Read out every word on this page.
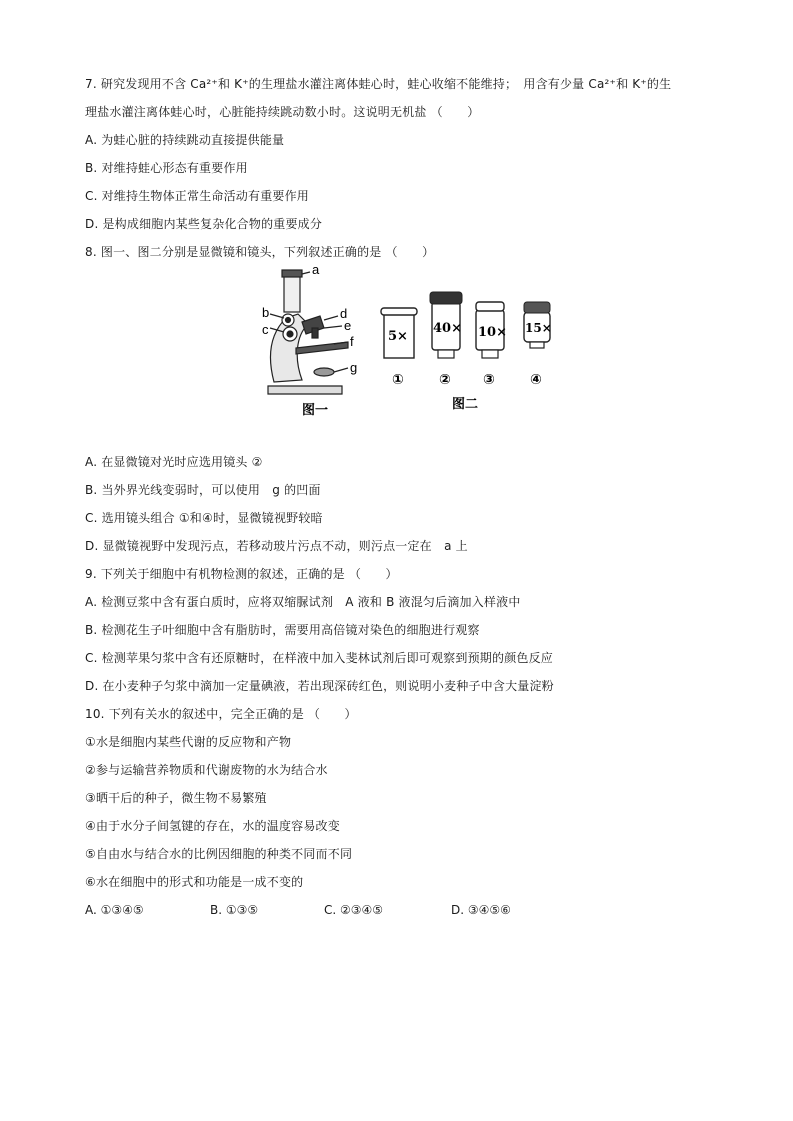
7. 研究发现用不含 Ca²⁺和 K⁺的生理盐水灌注离体蛙心时，蛙心收缩不能维持；　用含有少量 Ca²⁺和 K⁺的生
理盐水灌注离体蛙心时，心脏能持续跳动数小时。这说明无机盐 （　　）
A. 为蛙心脏的持续跳动直接提供能量
B. 对维持蛙心形态有重要作用
C. 对维持生物体正常生命活动有重要作用
D. 是构成细胞内某些复杂化合物的重要成分
8. 图一、图二分别是显微镜和镜头，下列叙述正确的是 （　　）
a
b
c
d
e
f
g
5×
40× 10× 15×
①	② ③	④
图一	图二
A. 在显微镜对光时应选用镜头 ②
B. 当外界光线变弱时，可以使用　g 的凹面
C. 选用镜头组合 ①和④时，显微镜视野较暗
D. 显微镜视野中发现污点，若移动玻片污点不动，则污点一定在　a 上
9. 下列关于细胞中有机物检测的叙述，正确的是 （　　）
A. 检测豆浆中含有蛋白质时，应将双缩脲试剂　A 液和 B 液混匀后滴加入样液中
B. 检测花生子叶细胞中含有脂肪时，需要用高倍镜对染色的细胞进行观察
C. 检测苹果匀浆中含有还原糖时，在样液中加入斐林试剂后即可观察到预期的颜色反应
D. 在小麦种子匀浆中滴加一定量碘液，若出现深砖红色，则说明小麦种子中含大量淀粉
10. 下列有关水的叙述中，完全正确的是 （　　）
①水是细胞内某些代谢的反应物和产物
②参与运输营养物质和代谢废物的水为结合水
③晒干后的种子，微生物不易繁殖
④由于水分子间氢键的存在，水的温度容易改变
⑤自由水与结合水的比例因细胞的种类不同而不同
⑥水在细胞中的形式和功能是一成不变的
A. ①③④⑤	B. ①③⑤	C. ②③④⑤	D. ③④⑤⑥
